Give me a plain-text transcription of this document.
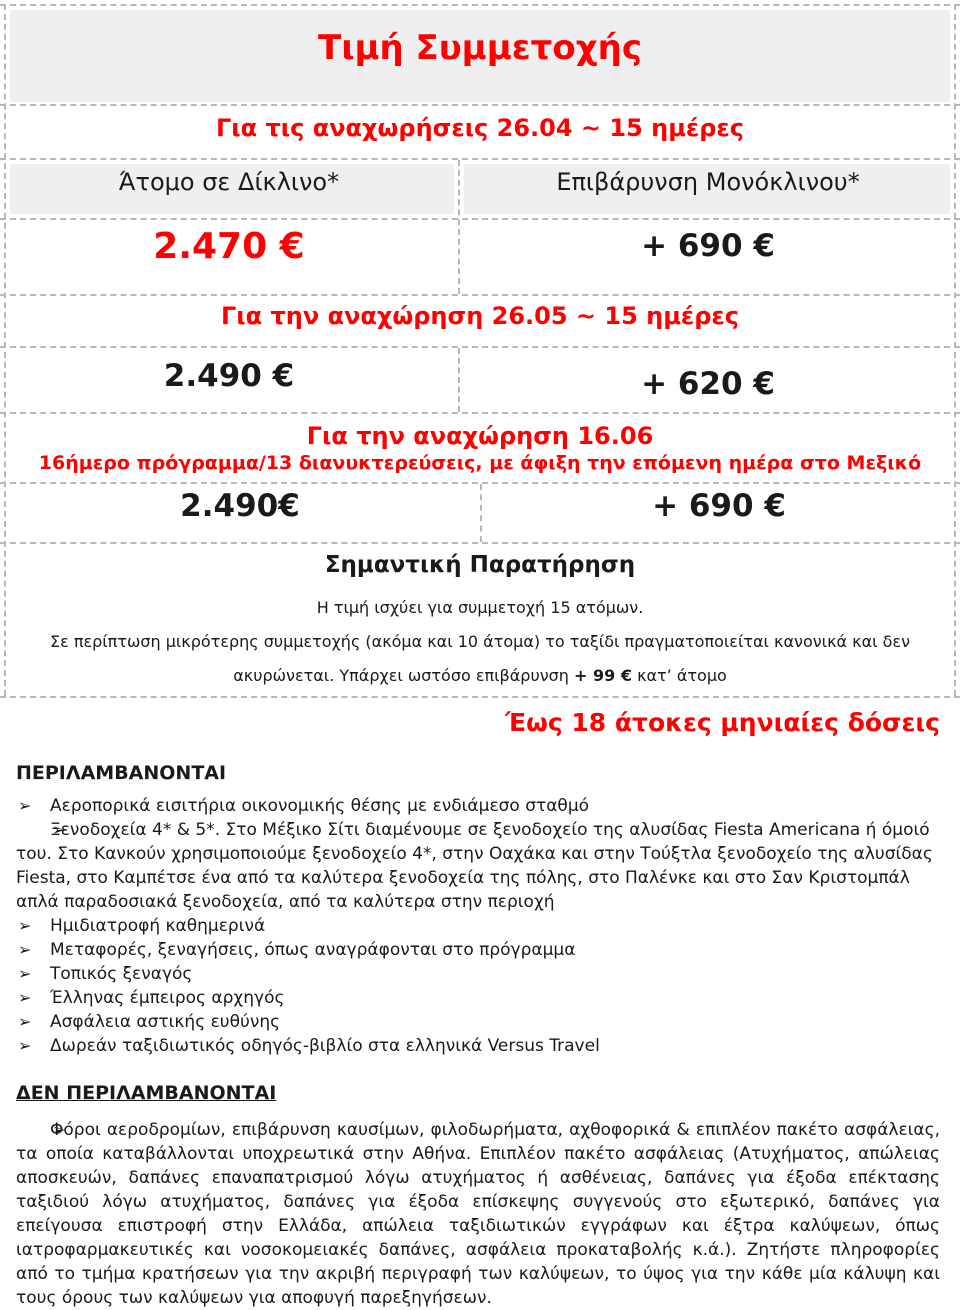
Τιμή Συμμετοχής
Για τις αναχωρήσεις 26.04 ~ 15 ημέρες
Άτομο σε Δίκλινο*	Επιβάρυνση Μονόκλινου*
2.470 €	+ 690 €
Για την αναχώρηση 26.05 ~ 15 ημέρες
2.490 €	+ 620 €
Για την αναχώρηση 16.06
16ήμερο πρόγραμμα/13 διανυκτερεύσεις, με άφιξη την επόμενη ημέρα στο Μεξικό
2.490€	+ 690 €
Σημαντική Παρατήρηση
Η τιμή ισχύει για συμμετοχή 15 ατόμων.
Σε περίπτωση μικρότερης συμμετοχής (ακόμα και 10 άτομα) το ταξίδι πραγματοποιείται κανονικά και δεν
ακυρώνεται. Υπάρχει ωστόσο επιβάρυνση + 99 € κατ’ άτομο
Έως 18 άτοκες μηνιαίες δόσεις
ΠΕΡΙΛΑΜΒΑΝΟΝΤΑΙ
➢ Αεροπορικά εισιτήρια οικονομικής θέσης με ενδιάμεσο σταθμό
➢ Ξενοδοχεία 4* & 5*. Στο Μέξικο Σίτι διαμένουμε σε ξενοδοχείο της αλυσίδας Fiesta Americana ή όμοιό του. Στο Κανκούν χρησιμοποιούμε ξενοδοχείο 4*, στην Οαχάκα και στην Τούξτλα ξενοδοχείο της αλυσίδας Fiesta, στο Καμπέτσε ένα από τα καλύτερα ξενοδοχεία της πόλης, στο Παλένκε και στο Σαν Κριστομπάλ απλά παραδοσιακά ξενοδοχεία, από τα καλύτερα στην περιοχή
➢ Ημιδιατροφή καθημερινά
➢ Μεταφορές, ξεναγήσεις, όπως αναγράφονται στο πρόγραμμα
➢ Τοπικός ξεναγός
➢ Έλληνας έμπειρος αρχηγός
➢ Ασφάλεια αστικής ευθύνης
➢ Δωρεάν ταξιδιωτικός οδηγός-βιβλίο στα ελληνικά Versus Travel
ΔΕΝ ΠΕΡΙΛΑΜΒΑΝΟΝΤΑΙ
➢ Φόροι αεροδρομίων, επιβάρυνση καυσίμων, φιλοδωρήματα, αχθοφορικά & επιπλέον πακέτο ασφάλειας, τα οποία καταβάλλονται υποχρεωτικά στην Αθήνα. Επιπλέον πακέτο ασφάλειας (Ατυχήματος, απώλειας αποσκευών, δαπάνες επαναπατρισμού λόγω ατυχήματος ή ασθένειας, δαπάνες για έξοδα επέκτασης ταξιδιού λόγω ατυχήματος, δαπάνες για έξοδα επίσκεψης συγγενούς στο εξωτερικό, δαπάνες για επείγουσα επιστροφή στην Ελλάδα, απώλεια ταξιδιωτικών εγγράφων και έξτρα καλύψεων, όπως ιατροφαρμακευτικές και νοσοκομειακές δαπάνες, ασφάλεια προκαταβολής κ.ά.). Ζητήστε πληροφορίες από το τμήμα κρατήσεων για την ακριβή περιγραφή των καλύψεων, το ύψος για την κάθε μία κάλυψη και τους όρους των καλύψεων για αποφυγή παρεξηγήσεων.
